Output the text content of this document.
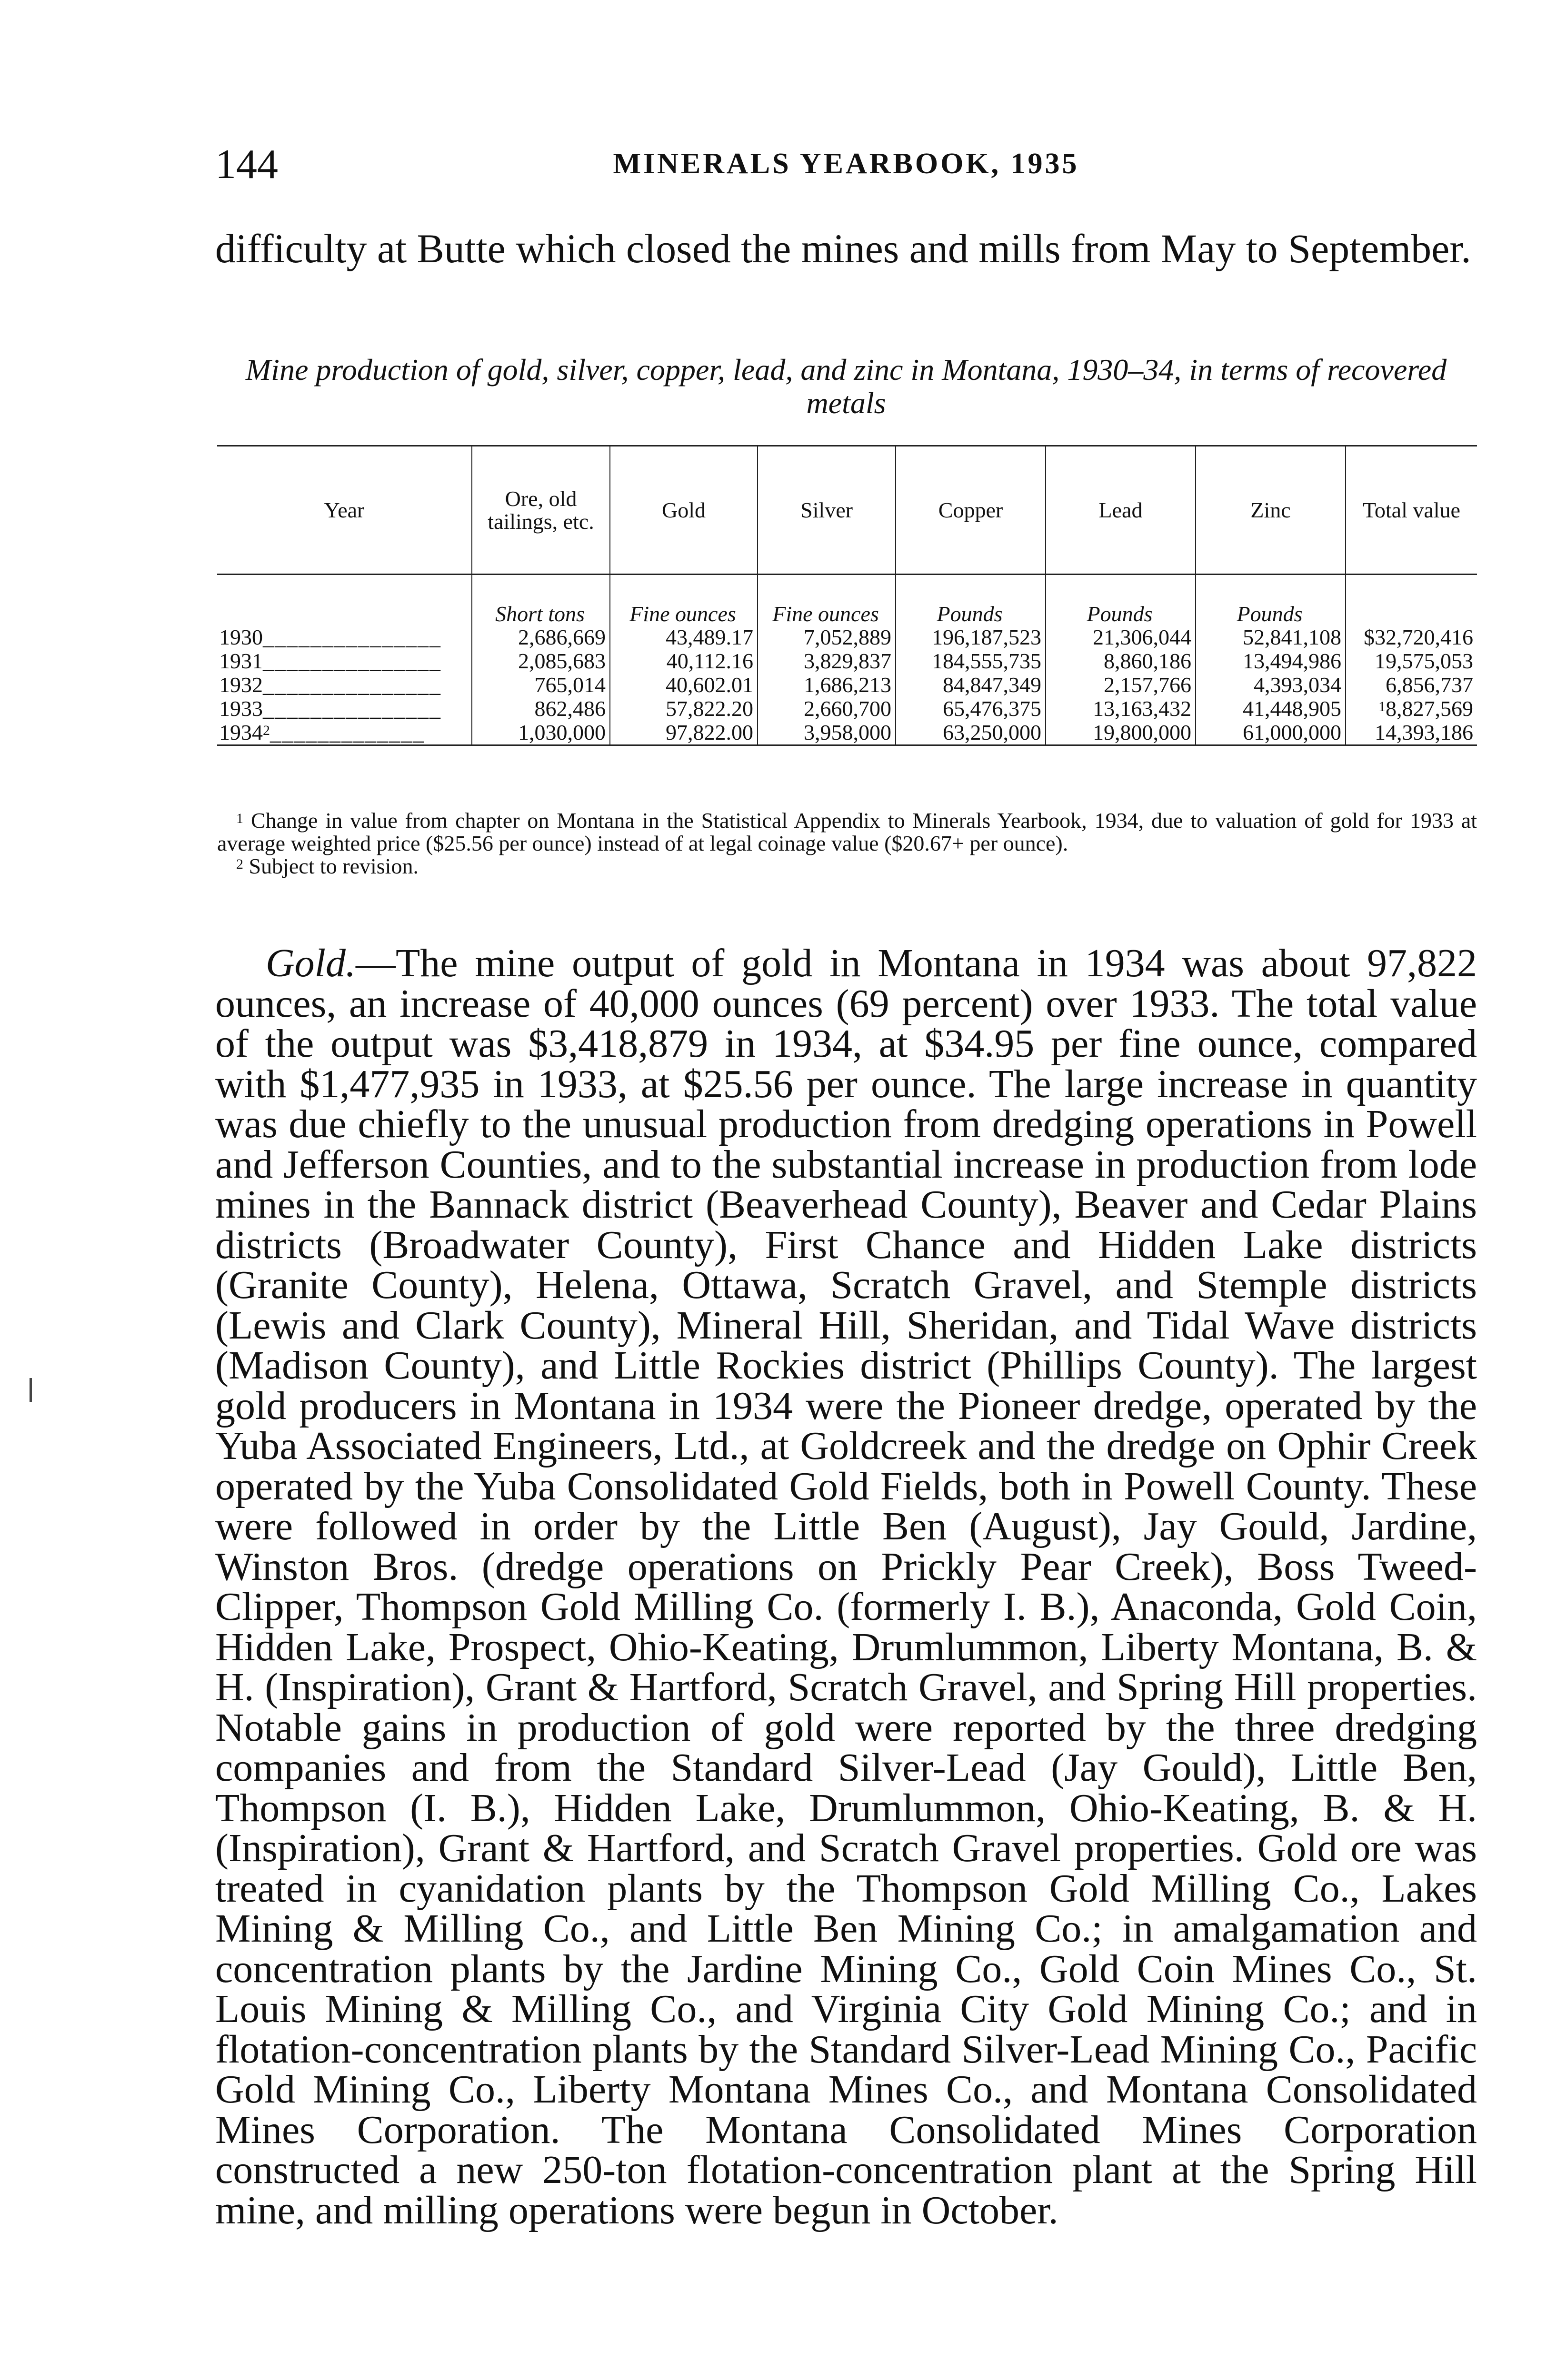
144	MINERALS YEARBOOK, 1935

difficulty at Butte which closed the mines and mills from May to September.

Mine production of gold, silver, copper, lead, and zinc in Montana, 1930–34, in terms of recovered metals

Year	Ore, old tailings, etc.	Gold	Silver	Copper	Lead	Zinc	Total value
	Short tons	Fine ounces	Fine ounces	Pounds	Pounds	Pounds	
1930_______________	2,686,669	43,489.17	7,052,889	196,187,523	21,306,044	52,841,108	$32,720,416
1931_______________	2,085,683	40,112.16	3,829,837	184,555,735	8,860,186	13,494,986	19,575,053
1932_______________	765,014	40,602.01	1,686,213	84,847,349	2,157,766	4,393,034	6,856,737
1933_______________	862,486	57,822.20	2,660,700	65,476,375	13,163,432	41,448,905	$^1$8,827,569
1934$^2$_____________	1,030,000	97,822.00	3,958,000	63,250,000	19,800,000	61,000,000	14,393,186

$^1$ Change in value from chapter on Montana in the Statistical Appendix to Minerals Yearbook, 1934, due to valuation of gold for 1933 at average weighted price ($25.56 per ounce) instead of at legal coinage value ($20.67+ per ounce).

$^2$ Subject to revision.

Gold.—The mine output of gold in Montana in 1934 was about 97,822 ounces, an increase of 40,000 ounces (69 percent) over 1933. The total value of the output was $3,418,879 in 1934, at $34.95 per fine ounce, compared with $1,477,935 in 1933, at $25.56 per ounce. The large increase in quantity was due chiefly to the unusual production from dredging operations in Powell and Jefferson Counties, and to the substantial increase in production from lode mines in the Bannack district (Beaverhead County), Beaver and Cedar Plains districts (Broadwater County), First Chance and Hidden Lake districts (Granite County), Helena, Ottawa, Scratch Gravel, and Stemple districts (Lewis and Clark County), Mineral Hill, Sheridan, and Tidal Wave districts (Madison County), and Little Rockies district (Phillips County). The largest gold producers in Montana in 1934 were the Pioneer dredge, operated by the Yuba Associated Engineers, Ltd., at Goldcreek and the dredge on Ophir Creek operated by the Yuba Consolidated Gold Fields, both in Powell County. These were followed in order by the Little Ben (August), Jay Gould, Jardine, Winston Bros. (dredge operations on Prickly Pear Creek), Boss Tweed-Clipper, Thompson Gold Milling Co. (formerly I. B.), Anaconda, Gold Coin, Hidden Lake, Prospect, Ohio-Keating, Drumlummon, Liberty Montana, B. & H. (Inspiration), Grant & Hartford, Scratch Gravel, and Spring Hill properties. Notable gains in production of gold were reported by the three dredging companies and from the Standard Silver-Lead (Jay Gould), Little Ben, Thompson (I. B.), Hidden Lake, Drumlummon, Ohio-Keating, B. & H. (Inspiration), Grant & Hartford, and Scratch Gravel properties. Gold ore was treated in cyanidation plants by the Thompson Gold Milling Co., Lakes Mining & Milling Co., and Little Ben Mining Co.; in amalgamation and concentration plants by the Jardine Mining Co., Gold Coin Mines Co., St. Louis Mining & Milling Co., and Virginia City Gold Mining Co.; and in flotation-concentration plants by the Standard Silver-Lead Mining Co., Pacific Gold Mining Co., Liberty Montana Mines Co., and Montana Consolidated Mines Corporation. The Montana Consolidated Mines Corporation constructed a new 250-ton flotation-concentration plant at the Spring Hill mine, and milling operations were begun in October.
